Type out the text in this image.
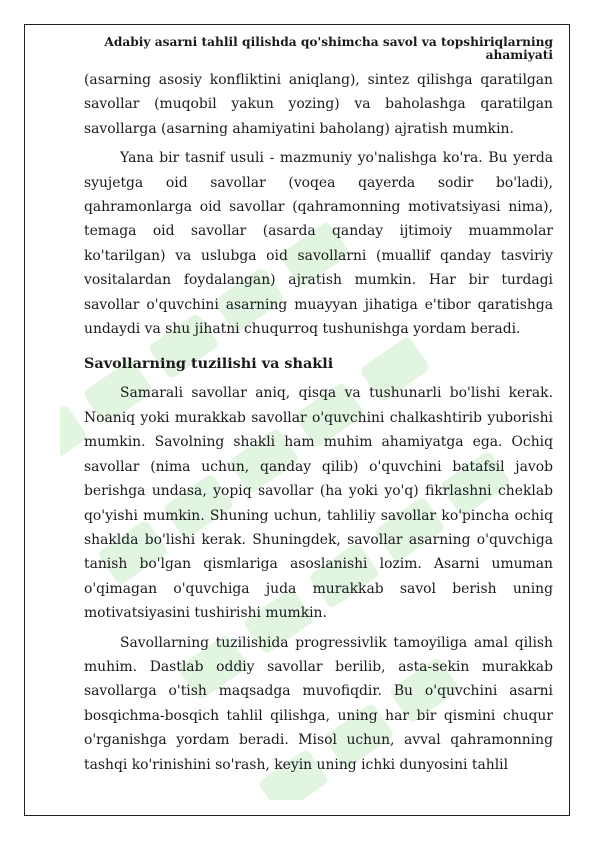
Adabiy asarni tahlil qilishda qo'shimcha savol va topshiriqlarning ahamiyati

(asarning asosiy konfliktini aniqlang), sintez qilishga qaratilgan savollar (muqobil yakun yozing) va baholashga qaratilgan savollarga (asarning ahamiyatini baholang) ajratish mumkin.

Yana bir tasnif usuli - mazmuniy yo'nalishga ko'ra. Bu yerda syujetga oid savollar (voqea qayerda sodir bo'ladi), qahramonlarga oid savollar (qahramonning motivatsiyasi nima), temaga oid savollar (asarda qanday ijtimoiy muammolar ko'tarilgan) va uslubga oid savollarni (muallif qanday tasviriy vositalardan foydalangan) ajratish mumkin. Har bir turdagi savollar o'quvchini asarning muayyan jihatiga e'tibor qaratishga undaydi va shu jihatni chuqurroq tushunishga yordam beradi.

Savollarning tuzilishi va shakli

Samarali savollar aniq, qisqa va tushunarli bo'lishi kerak. Noaniq yoki murakkab savollar o'quvchini chalkashtirib yuborishi mumkin. Savolning shakli ham muhim ahamiyatga ega. Ochiq savollar (nima uchun, qanday qilib) o'quvchini batafsil javob berishga undasa, yopiq savollar (ha yoki yo'q) fikrlashni cheklab qo'yishi mumkin. Shuning uchun, tahliliy savollar ko'pincha ochiq shaklda bo'lishi kerak. Shuningdek, savollar asarning o'quvchiga tanish bo'lgan qismlariga asoslanishi lozim. Asarni umuman o'qimagan o'quvchiga juda murakkab savol berish uning motivatsiyasini tushirishi mumkin.

Savollarning tuzilishida progressivlik tamoyiliga amal qilish muhim. Dastlab oddiy savollar berilib, asta-sekin murakkab savollarga o'tish maqsadga muvofiqdir. Bu o'quvchini asarni bosqichma-bosqich tahlil qilishga, uning har bir qismini chuqur o'rganishga yordam beradi. Misol uchun, avval qahramonning tashqi ko'rinishini so'rash, keyin uning ichki dunyosini tahlil
